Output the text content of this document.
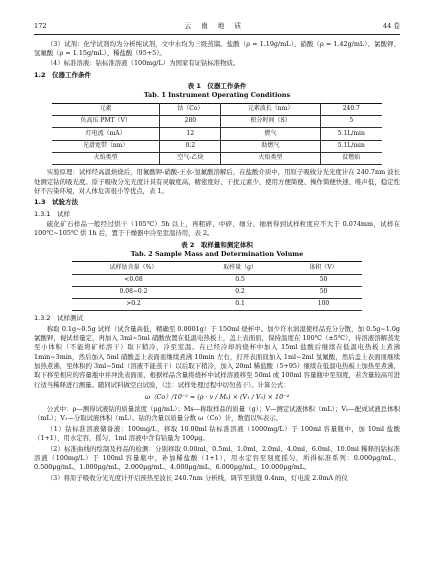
172	云 南 地 质	44 卷

（3）试剂：化学试剂均为分析纯试剂，文中水均为三级蒸馏。盐酸（ρ = 1.19g/mL）、硝酸（ρ = 1.42g/mL）、氯酸钾、氢氟酸（ρ = 1.15g/mL）、稀盐酸（95+5）。

（4）标准溶液：钴标准溶液（100mg/L）为国家有证钴标准物质。

1.2　仪器工作条件
表 1　仪器工作条件
Tab. 1 Instrument Operating Conditions
元素	钴（Co）	元素波长（nm）	240.7
负高压 PMT（V）	280	积分时间（S）	5
灯电流（mA）	12	燃气	5.1L/min
光谱宽带（nm）	0.2	助燃气	5.1L/min
火焰类型	空气-乙炔	火焰类型	贫燃焰

实验原理：试样经高温焙烧后，用氟酸钾-硝酸-王水-氢氟酸溶解后，在盐酸介质中，用原子吸收分光光度计在 240.7nm 波长处测定钴的吸光度。原子吸收分光光度计具有灵敏度高、精密度好、干扰元素少、使用方便简便、操作简便快速、唯声低，稳定性好不污染环境，对人体危害很小等优点，表 1。

1.3　试验方法
1.3.1　试样

硫化矿石样品一般经过烘干（105℃）5h 以上，再粗碎、中碎、细分、细磨得到试样粒度应不大于 0.074mm，试样在 100℃~105℃ 烘 1h 后，置于干燥器中冷至室温待用，表 2。

表 2　取样量和测定体积
Tab. 2 Sample Mass and Determination Volume
试样钴含量（%）	取样量（g）	体积（V）
<0.08	0.5	50
0.08~0.2	0.2	50
>0.2	0.1	100
1.3.2　试样测试

称取 0.1g~0.5g 试样（试含量高低，精确至 0.0001g）于 150ml 烧杯中。加少许水润湿使样品充分分散，加 0.5g~1.0g 氯酸钾，视试样量定，再加入 3ml~5ml 硝酸放置在低温电热板上，盖上表面皿，保持温度在 100℃（±5℃），待溶液溶解蒸发至小体积（不能将矿样溶干）取下稍冷，冷至室温。在已经冷却的烧杯中加入 15ml 盐酸后继续在低温电热板上煮沸 1min~3min，然后加入 5ml 硝酸盖上表面皿继续煮沸 10min 左右，打开表面皿加入 1ml~2ml 氢氟酸，然后盖上表面皿继续加热煮沸，至体积约 3ml~5ml（溶液不能蒸干）以后取下稍冷，加入 20ml 稀盐酸（5+95）继续在低温电热板上加热至煮沸，取下移至相应的容量瓶中并冲洗表面皿，根据样品含量将烧杯中试样溶液移至 50ml 或 100ml 容量瓶中至刻度，若含量较高可进行适当稀释进行测量。随同试料做空白试验，（注：试样处理过程中切勿蒸干）。计算公式：

ω（Co）/10⁻² = (ρ · v / Mₛ) × (V₁ / V₀) × 10⁻⁴

公式中：ρ—测得试液钴的质量浓度（μg/mL）；Ms—称取样品的质量（g）；V—测定试液体积（mL）；V₀—配成试液总体积（mL）；V₁—分取试液体积（mL）。钴的含量以质量分数 ω（Co）计，数值以%表示。

（1）钴标准溶液储备液：100mg/L，移取 10.00ml 钴标准溶液（1000mg/L）于 100ml 容量瓶中，加 10ml 盐酸（1+1），用水定容，摇匀，1ml 溶液中含有钴量为 100μg。

（2）标准曲线的绘制及样品的检测：分别移取 0.00ml、0.5ml、1.0ml、2.0ml、4.0ml、6.0ml、10.0ml 稀释的钴标准溶液（100mg/L）于 100ml 容量瓶中，补加稀盐酸（1+1），用水定容至刻度摇匀，所得标准系列：0.000μg/mL、0.500μg/mL、1.000μg/mL、2.000μg/mL、4.000μg/mL、6.000μg/mL、10.000μg/mL。

（3）将原子吸收分光光度计开启预热至波长 240.7nm 分析线，调节至狭缝 0.4nm，灯电流 2.0mA 的仪
